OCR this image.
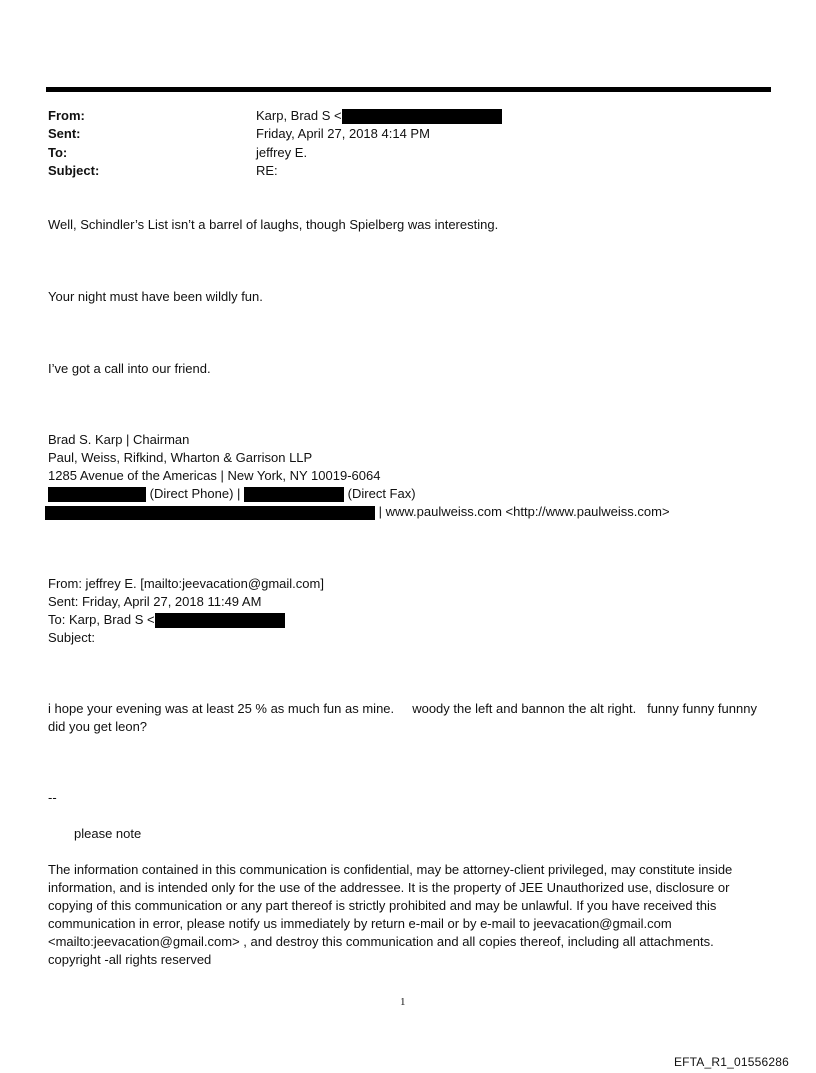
From:	Karp, Brad S <
Sent:	Friday, April 27, 2018 4:14 PM
To:	jeffrey E.
Subject:	RE:
Well, Schindler’s List isn’t a barrel of laughs, though Spielberg was interesting.
Your night must have been wildly fun.
I’ve got a call into our friend.
Brad S. Karp | Chairman
Paul, Weiss, Rifkind, Wharton & Garrison LLP
1285 Avenue of the Americas | New York, NY 10019-6064
(Direct Phone) |	(Direct Fax)
| www.paulweiss.com <http://www.paulweiss.com>
From: jeffrey E. [mailto:jeevacation@gmail.com]
Sent: Friday, April 27, 2018 11:49 AM
To: Karp, Brad S <
Subject:
i hope your evening was at least 25 % as much fun as mine.     woody the left and bannon the alt right.   funny funny funnny  did you get leon?
--
please note
The information contained in this communication is confidential, may be attorney-client privileged, may constitute inside information, and is intended only for the use of the addressee. It is the property of JEE Unauthorized use, disclosure or copying of this communication or any part thereof is strictly prohibited and may be unlawful. If you have received this communication in error, please notify us immediately by return e-mail or by e-mail to jeevacation@gmail.com <mailto:jeevacation@gmail.com> , and destroy this communication and all copies thereof, including all attachments. copyright -all rights reserved
1
EFTA_R1_01556286
